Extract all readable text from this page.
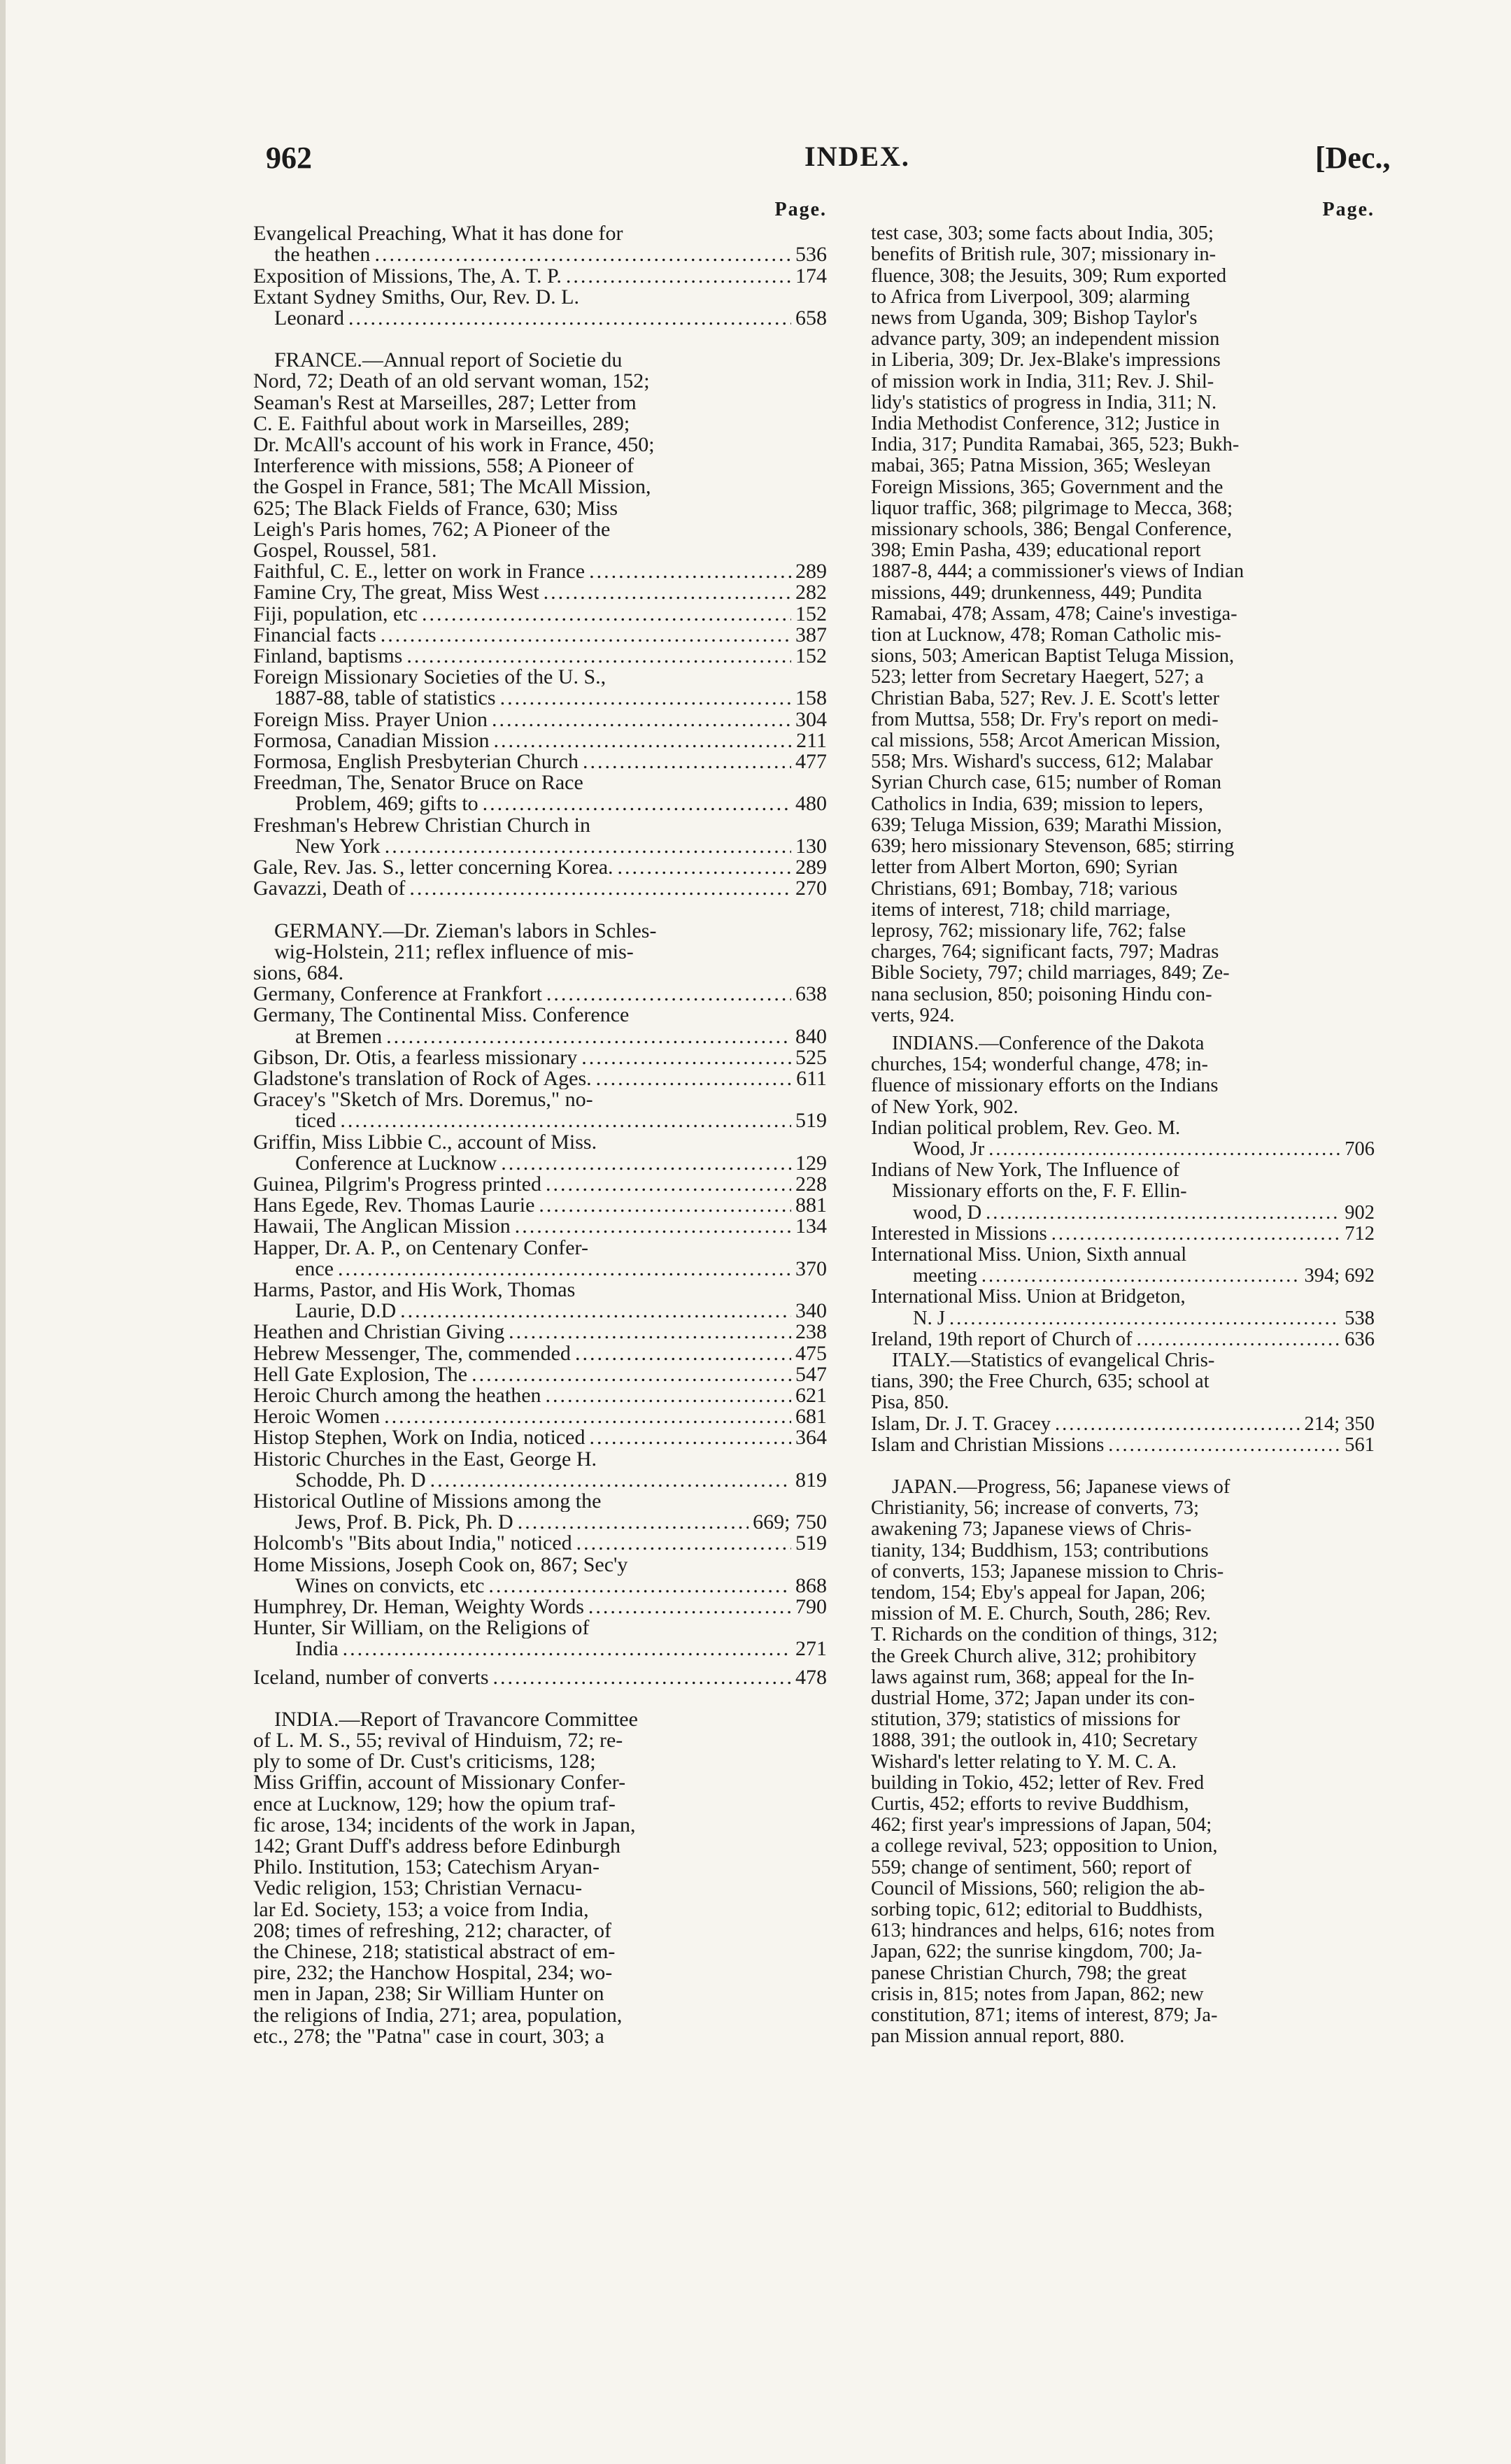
962	INDEX.	[Dec.,
Page.
Evangelical Preaching, What it has done for
the heathen .....	536
Exposition of Missions, The, A. T. P. .....	174
Extant Sydney Smiths, Our, Rev. D. L.
Leonard .....	658
FRANCE.—Annual report of Societie du
Nord, 72; Death of an old servant woman, 152;
Seaman's Rest at Marseilles, 287; Letter from
C. E. Faithful about work in Marseilles, 289;
Dr. McAll's account of his work in France, 450;
Interference with missions, 558; A Pioneer of
the Gospel in France, 581; The McAll Mission,
625; The Black Fields of France, 630; Miss
Leigh's Paris homes, 762; A Pioneer of the
Gospel, Roussel, 581.
Faithful, C. E., letter on work in France .....	289
Famine Cry, The great, Miss West .....	282
Fiji, population, etc .....	152
Financial facts .....	387
Finland, baptisms .....	152
Foreign Missionary Societies of the U. S.,
1887-88, table of statistics .....	158
Foreign Miss. Prayer Union .....	304
Formosa, Canadian Mission .....	211
Formosa, English Presbyterian Church .....	477
Freedman, The, Senator Bruce on Race
Problem, 469; gifts to .....	480
Freshman's Hebrew Christian Church in
New York .....	130
Gale, Rev. Jas. S., letter concerning Korea. .....	289
Gavazzi, Death of .....	270
GERMANY.—Dr. Zieman's labors in Schles-
wig-Holstein, 211; reflex influence of mis-
sions, 684.
Germany, Conference at Frankfort .....	638
Germany, The Continental Miss. Conference
at Bremen .....	840
Gibson, Dr. Otis, a fearless missionary .....	525
Gladstone's translation of Rock of Ages. .....	611
Gracey's "Sketch of Mrs. Doremus," no-
ticed .....	519
Griffin, Miss Libbie C., account of Miss.
Conference at Lucknow .....	129
Guinea, Pilgrim's Progress printed .....	228
Hans Egede, Rev. Thomas Laurie .....	881
Hawaii, The Anglican Mission .....	134
Happer, Dr. A. P., on Centenary Confer-
ence .....	370
Harms, Pastor, and His Work, Thomas
Laurie, D.D .....	340
Heathen and Christian Giving .....	238
Hebrew Messenger, The, commended .....	475
Hell Gate Explosion, The .....	547
Heroic Church among the heathen .....	621
Heroic Women .....	681
Histop Stephen, Work on India, noticed .....	364
Historic Churches in the East, George H.
Schodde, Ph. D .....	819
Historical Outline of Missions among the
Jews, Prof. B. Pick, Ph. D .....	669; 750
Holcomb's "Bits about India," noticed .....	519
Home Missions, Joseph Cook on, 867; Sec'y
Wines on convicts, etc .....	868
Humphrey, Dr. Heman, Weighty Words .....	790
Hunter, Sir William, on the Religions of
India .....	271
Iceland, number of converts .....	478
INDIA.—Report of Travancore Committee
of L. M. S., 55; revival of Hinduism, 72; re-
ply to some of Dr. Cust's criticisms, 128;
Miss Griffin, account of Missionary Confer-
ence at Lucknow, 129; how the opium traf-
fic arose, 134; incidents of the work in Japan,
142; Grant Duff's address before Edinburgh
Philo. Institution, 153; Catechism Aryan-
Vedic religion, 153; Christian Vernacu-
lar Ed. Society, 153; a voice from India,
208; times of refreshing, 212; character, of
the Chinese, 218; statistical abstract of em-
pire, 232; the Hanchow Hospital, 234; wo-
men in Japan, 238; Sir William Hunter on
the religions of India, 271; area, population,
etc., 278; the "Patna" case in court, 303; a
Page.
test case, 303; some facts about India, 305;
benefits of British rule, 307; missionary in-
fluence, 308; the Jesuits, 309; Rum exported
to Africa from Liverpool, 309; alarming
news from Uganda, 309; Bishop Taylor's
advance party, 309; an independent mission
in Liberia, 309; Dr. Jex-Blake's impressions
of mission work in India, 311; Rev. J. Shil-
lidy's statistics of progress in India, 311; N.
India Methodist Conference, 312; Justice in
India, 317; Pundita Ramabai, 365, 523; Bukh-
mabai, 365; Patna Mission, 365; Wesleyan
Foreign Missions, 365; Government and the
liquor traffic, 368; pilgrimage to Mecca, 368;
missionary schools, 386; Bengal Conference,
398; Emin Pasha, 439; educational report
1887-8, 444; a commissioner's views of Indian
missions, 449; drunkenness, 449; Pundita
Ramabai, 478; Assam, 478; Caine's investiga-
tion at Lucknow, 478; Roman Catholic mis-
sions, 503; American Baptist Teluga Mission,
523; letter from Secretary Haegert, 527; a
Christian Baba, 527; Rev. J. E. Scott's letter
from Muttsa, 558; Dr. Fry's report on medi-
cal missions, 558; Arcot American Mission,
558; Mrs. Wishard's success, 612; Malabar
Syrian Church case, 615; number of Roman
Catholics in India, 639; mission to lepers,
639; Teluga Mission, 639; Marathi Mission,
639; hero missionary Stevenson, 685; stirring
letter from Albert Morton, 690; Syrian
Christians, 691; Bombay, 718; various
items of interest, 718; child marriage,
leprosy, 762; missionary life, 762; false
charges, 764; significant facts, 797; Madras
Bible Society, 797; child marriages, 849; Ze-
nana seclusion, 850; poisoning Hindu con-
verts, 924.
INDIANS.—Conference of the Dakota
churches, 154; wonderful change, 478; in-
fluence of missionary efforts on the Indians
of New York, 902.
Indian political problem, Rev. Geo. M.
Wood, Jr .....	706
Indians of New York, The Influence of
Missionary efforts on the, F. F. Ellin-
wood, D .....	902
Interested in Missions .....	712
International Miss. Union, Sixth annual
meeting .....	394; 692
International Miss. Union at Bridgeton,
N. J .....	538
Ireland, 19th report of Church of .....	636
ITALY.—Statistics of evangelical Chris-
tians, 390; the Free Church, 635; school at
Pisa, 850.
Islam, Dr. J. T. Gracey .....	214; 350
Islam and Christian Missions .....	561
JAPAN.—Progress, 56; Japanese views of
Christianity, 56; increase of converts, 73;
awakening 73; Japanese views of Chris-
tianity, 134; Buddhism, 153; contributions
of converts, 153; Japanese mission to Chris-
tendom, 154; Eby's appeal for Japan, 206;
mission of M. E. Church, South, 286; Rev.
T. Richards on the condition of things, 312;
the Greek Church alive, 312; prohibitory
laws against rum, 368; appeal for the In-
dustrial Home, 372; Japan under its con-
stitution, 379; statistics of missions for
1888, 391; the outlook in, 410; Secretary
Wishard's letter relating to Y. M. C. A.
building in Tokio, 452; letter of Rev. Fred
Curtis, 452; efforts to revive Buddhism,
462; first year's impressions of Japan, 504;
a college revival, 523; opposition to Union,
559; change of sentiment, 560; report of
Council of Missions, 560; religion the ab-
sorbing topic, 612; editorial to Buddhists,
613; hindrances and helps, 616; notes from
Japan, 622; the sunrise kingdom, 700; Ja-
panese Christian Church, 798; the great
crisis in, 815; notes from Japan, 862; new
constitution, 871; items of interest, 879; Ja-
pan Mission annual report, 880.
